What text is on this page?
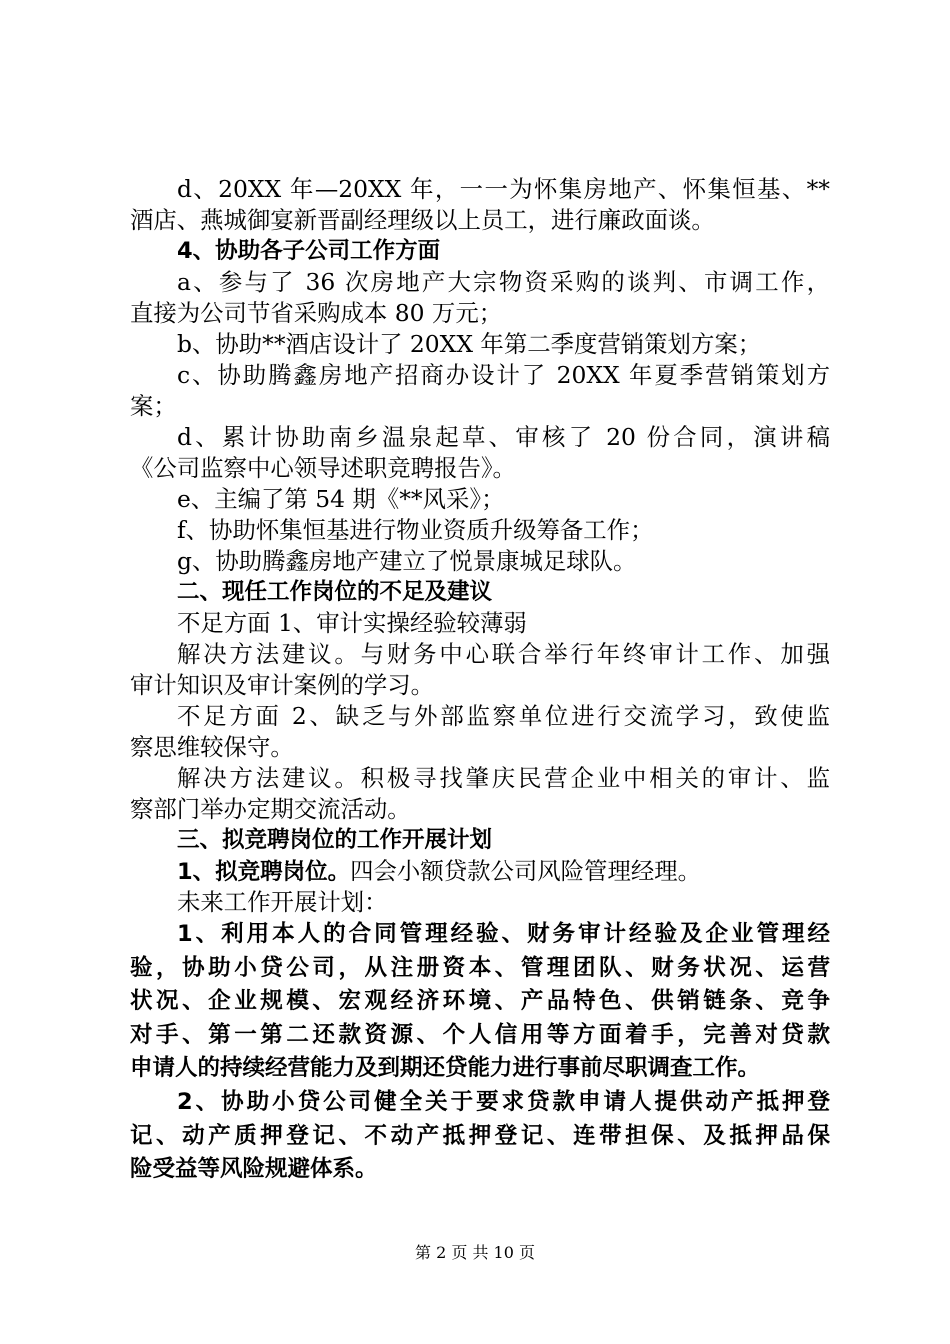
d、20XX 年—20XX 年，一一为怀集房地产、怀集恒基、**
酒店、燕城御宴新晋副经理级以上员工，进行廉政面谈。
4、协助各子公司工作方面
a、参与了 36 次房地产大宗物资采购的谈判、市调工作，
直接为公司节省采购成本 80 万元；
b、协助**酒店设计了 20XX 年第二季度营销策划方案；
c、协助腾鑫房地产招商办设计了 20XX 年夏季营销策划方
案；
d、累计协助南乡温泉起草、审核了 20 份合同，演讲稿
《公司监察中心领导述职竞聘报告》。
e、主编了第 54 期《**风采》；
f、协助怀集恒基进行物业资质升级筹备工作；
g、协助腾鑫房地产建立了悦景康城足球队。
二、现任工作岗位的不足及建议
不足方面 1、审计实操经验较薄弱
解决方法建议。与财务中心联合举行年终审计工作、加强
审计知识及审计案例的学习。
不足方面 2、缺乏与外部监察单位进行交流学习，致使监
察思维较保守。
解决方法建议。积极寻找肇庆民营企业中相关的审计、监
察部门举办定期交流活动。
三、拟竞聘岗位的工作开展计划
1、拟竞聘岗位。四会小额贷款公司风险管理经理。
未来工作开展计划：
1、利用本人的合同管理经验、财务审计经验及企业管理经
验，协助小贷公司，从注册资本、管理团队、财务状况、运营
状况、企业规模、宏观经济环境、产品特色、供销链条、竞争
对手、第一第二还款资源、个人信用等方面着手，完善对贷款
申请人的持续经营能力及到期还贷能力进行事前尽职调查工作。
2、协助小贷公司健全关于要求贷款申请人提供动产抵押登
记、动产质押登记、不动产抵押登记、连带担保、及抵押品保
险受益等风险规避体系。
第 2 页 共 10 页
